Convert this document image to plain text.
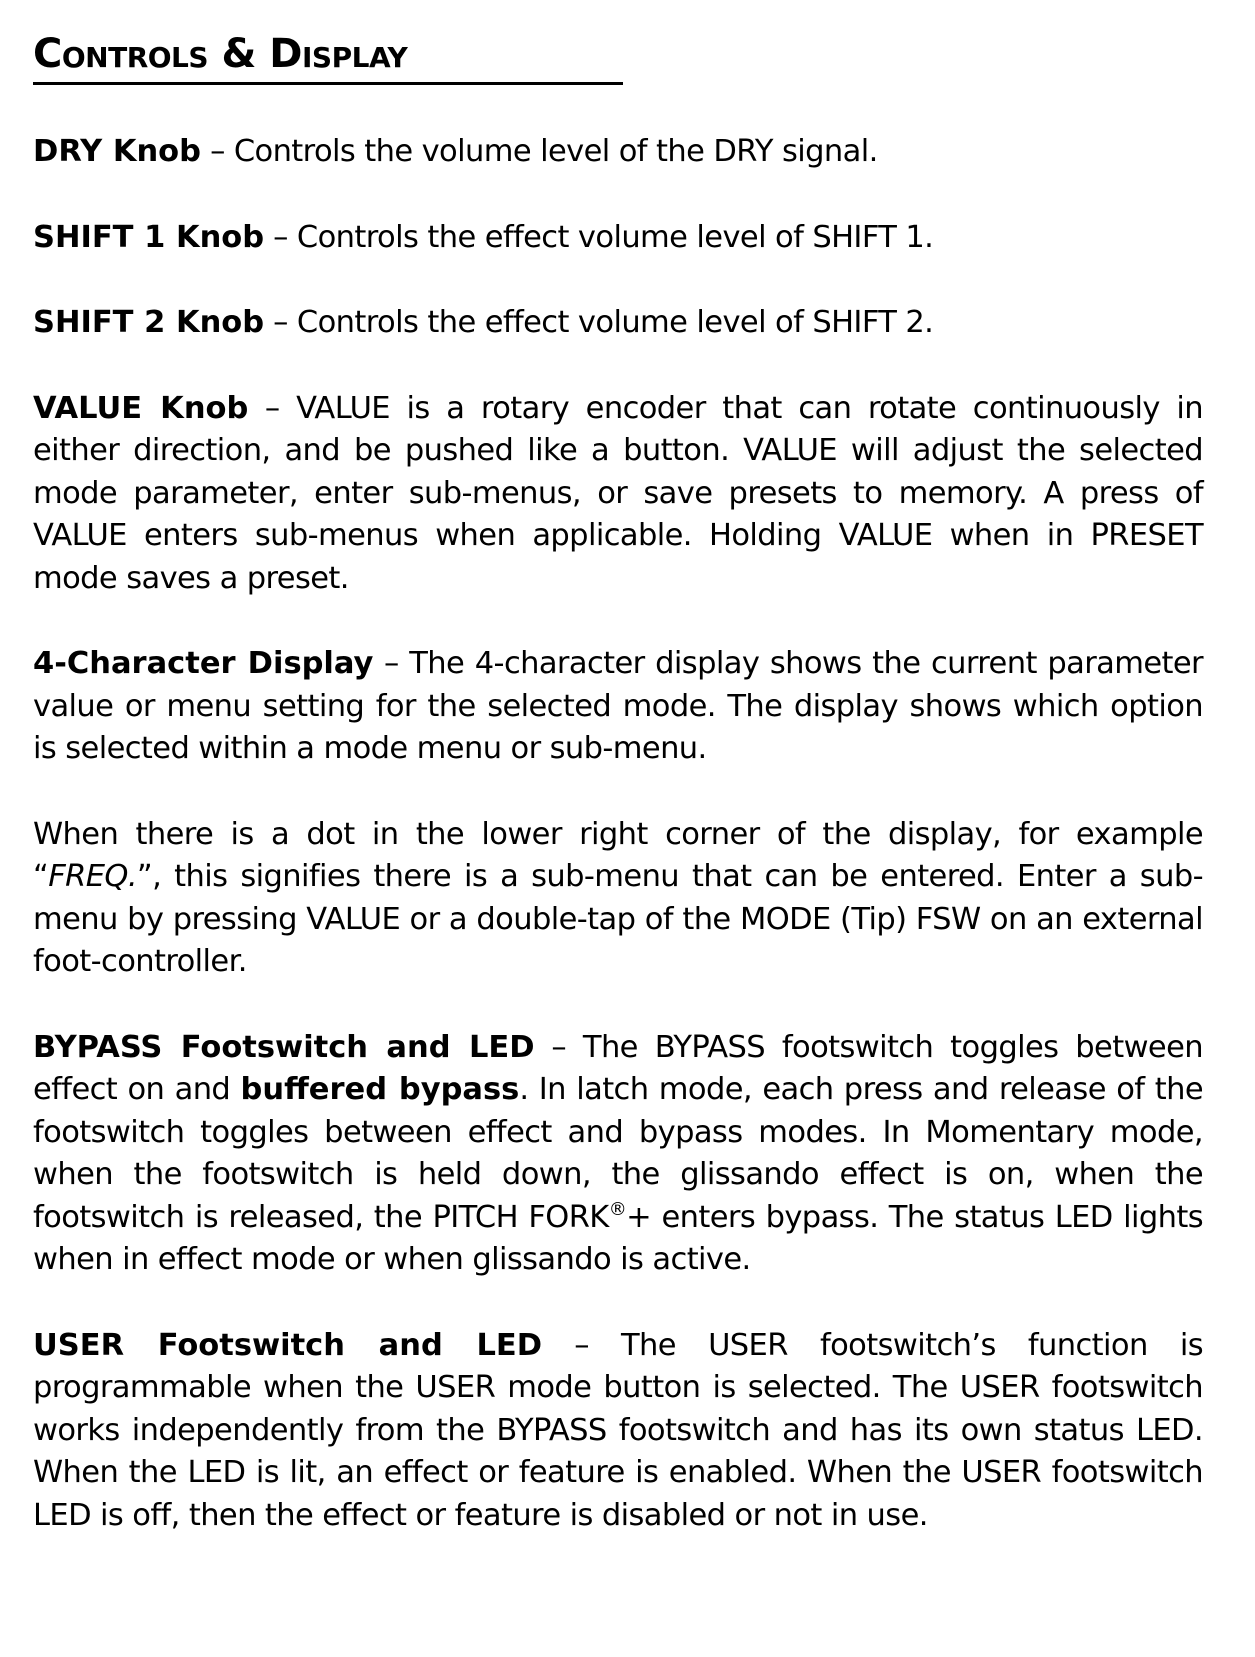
Controls & Display

DRY Knob – Controls the volume level of the DRY signal.

SHIFT 1 Knob – Controls the effect volume level of SHIFT 1.

SHIFT 2 Knob – Controls the effect volume level of SHIFT 2.

VALUE Knob – VALUE is a rotary encoder that can rotate continuously in either direction, and be pushed like a button. VALUE will adjust the selected mode parameter, enter sub-menus, or save presets to memory. A press of VALUE enters sub-menus when applicable. Holding VALUE when in PRESET mode saves a preset.

4-Character Display – The 4-character display shows the current parameter value or menu setting for the selected mode. The display shows which option is selected within a mode menu or sub-menu.

When there is a dot in the lower right corner of the display, for example “FREQ.”, this signifies there is a sub-menu that can be entered. Enter a sub-menu by pressing VALUE or a double-tap of the MODE (Tip) FSW on an external foot-controller.

BYPASS Footswitch and LED – The BYPASS footswitch toggles between effect on and buffered bypass. In latch mode, each press and release of the footswitch toggles between effect and bypass modes. In Momentary mode, when the footswitch is held down, the glissando effect is on, when the footswitch is released, the PITCH FORK®+ enters bypass. The status LED lights when in effect mode or when glissando is active.

USER Footswitch and LED – The USER footswitch’s function is programmable when the USER mode button is selected. The USER footswitch works independently from the BYPASS footswitch and has its own status LED. When the LED is lit, an effect or feature is enabled. When the USER footswitch LED is off, then the effect or feature is disabled or not in use.
